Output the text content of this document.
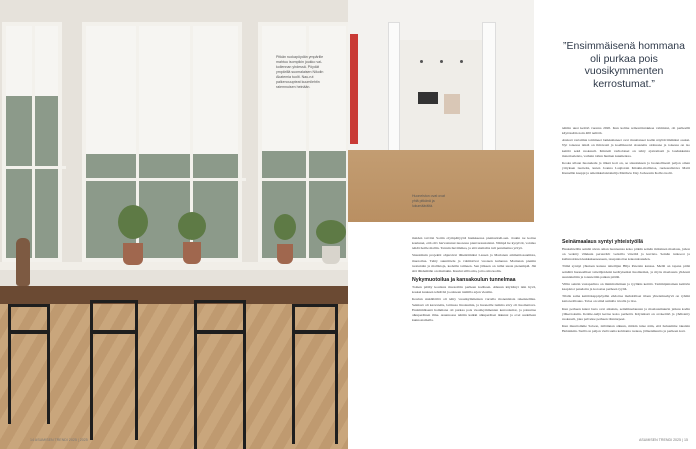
Pitkän ruokapöydän ympärille mahtuu isompikin joukko vai-kollennan yhdessä. Pöydät ympärillä suomalaisen Nikolin Akatemia tuolit. Nau-rut palkenouupteat kuumilehtin raiemnuisen heinään.
14 ASUMISEN TRENDI 2025 | 2025
Huoneiston ovat ovat yhtä pitkänä ja lukumäärältä.
”Ensimmäisenä hommana oli purkaa pois vuosikymmenten kerrostumat.”

tehtiin uusi keittiö vuonna 2020. Kun kolme remonttiurakkaa valmistui, oli perheellä käytössään noin 400 neliötä.

Alakoti vertaimia toimineet lankkahaneet ovat muuttaneet kodin näyttävimmäksi osaksi. Nyt toisessa niistä on ilmavasti ja koelliksaavi sisustettu olohuone ja toisessa on iso keittiö sekä ruokasali. Kiinteät verholaiset on tehty ajattomasti ja laadukkaista materiaaleista, varhain tallen hiemen kuumentaa.

Koska ullaan huonekalu ja tilkeä koti on, se sisustuksen ja luonnollisesti paljon oman yrityksen tuotteita, kuten Joanna Laajistoin Kiiskin-mallistoa, ruokasalistava Matti Kienellin kaappi ja amerikkalaistaitelija Matthew Day Jacksonin Kolho tuolit.

Seinämaalaus syntyi yhteistyöllä

Haukahtelilla seinää aivan oman luonteensa koko pitkän seinän mittainen maalaus, johon on vedetty vilkkuia perusvärit vedoilla väreiltä ja kuvista. Seinän turkoosi ja kullanoloinen kukkakeeseeseen, tasapainottaa kokonaisuuden.

Tämä synnyi yhteisen kanssa taiteilijan Hilja Petersin kanssa. Mellä on tapana pitää seinäitä huoneelliset taiteilijoidenä kerätyiseiksi huomioiksi, ja myös maalausta yhdessä suunniteltiin ja toteutettiin paikan päällä.

Villin seinän vastapariina on minimalistinen ja tyylikäs keittiö. Tammipintainen keittiön kaapistot paneloitu ja korostaa perheen tyyliä.

Tilalla sama keittiökappipöydän ehdottaa mahdolliset tilaan yhteismaahyvä on ryhmä kattoteollisuus. Taloa on siinä samalla tavalla ja iloa.

Kun perheen kaksi lasta ovat aikuisia, seinämaalausten ja maalausmuurin jatkuu kodin yläkerroksiin. Kolme-neljä kertaa koko perhettä. Käynnissä on avokeittiö ja yhdistetty ruokasali, joka palvelee perheen tilantarpeet.

Kun muuttomme Saloon, nälöinnan alkuun, mitkin tulee näin, että haluamme takaisin Helsinkiin. Siellä on paljon vielä sama kolmanta ruokaa, jälleenmuutto ja perheen koti.

maiden tarvitsi Sotiin olympäityyttä hankkeessa pienissäreli-sen. Joskin ne koitaa koulunet, että oliv harvastunut nuoressa pienvaraustaistui. Nämpä he kysyivät, voisiko tehdä hoille mallin. Tarruin huvimmaa, ja sitä sismaltta tuli perumettua yrityä.

Sisustmuin projektit ohjersivat lähentämiksi Lassen ja Marianan ammattiosaamista, muotoilua. Tehty suuntittelu ja valmistivat vuoteen kuluessa Marianan pieniin tuotteisiin ja mallistoja, kodeille taimeen. Sen jälkeen on tullut uusia pienempiä. Jää sitä lähdemään on muitakin. Kuulut sillä oma, jotta oma kodin.

Nykymuotoilua ja kansakoulun tunnelmaa

Toinen päälty koulasta muotoiltin perheen koditeen. Alkuun käyttänyt niin hyvä, koskei kuuteen tehtävää ja esineen taimilla arjen viestiin.

Koulun alakäilöiltä oli tehty vuosikymmenten varrella monenlaisia rakennelmia. Seinissä oli kasvatettu, lattiassa linoleumia, ja huoneille tumma sävy oli huomattava. Ensimmäisenä hommana oli purkaa pois vuosikymmenten kerrostumat, ja palauttaa alkuperäinen ilme. Asunnossa tehtiin kaikki alkuperäiset ikkunat ja ovet uudelleen kunnostamalla.

ASUMISEN TRENDI 2025 | 15
